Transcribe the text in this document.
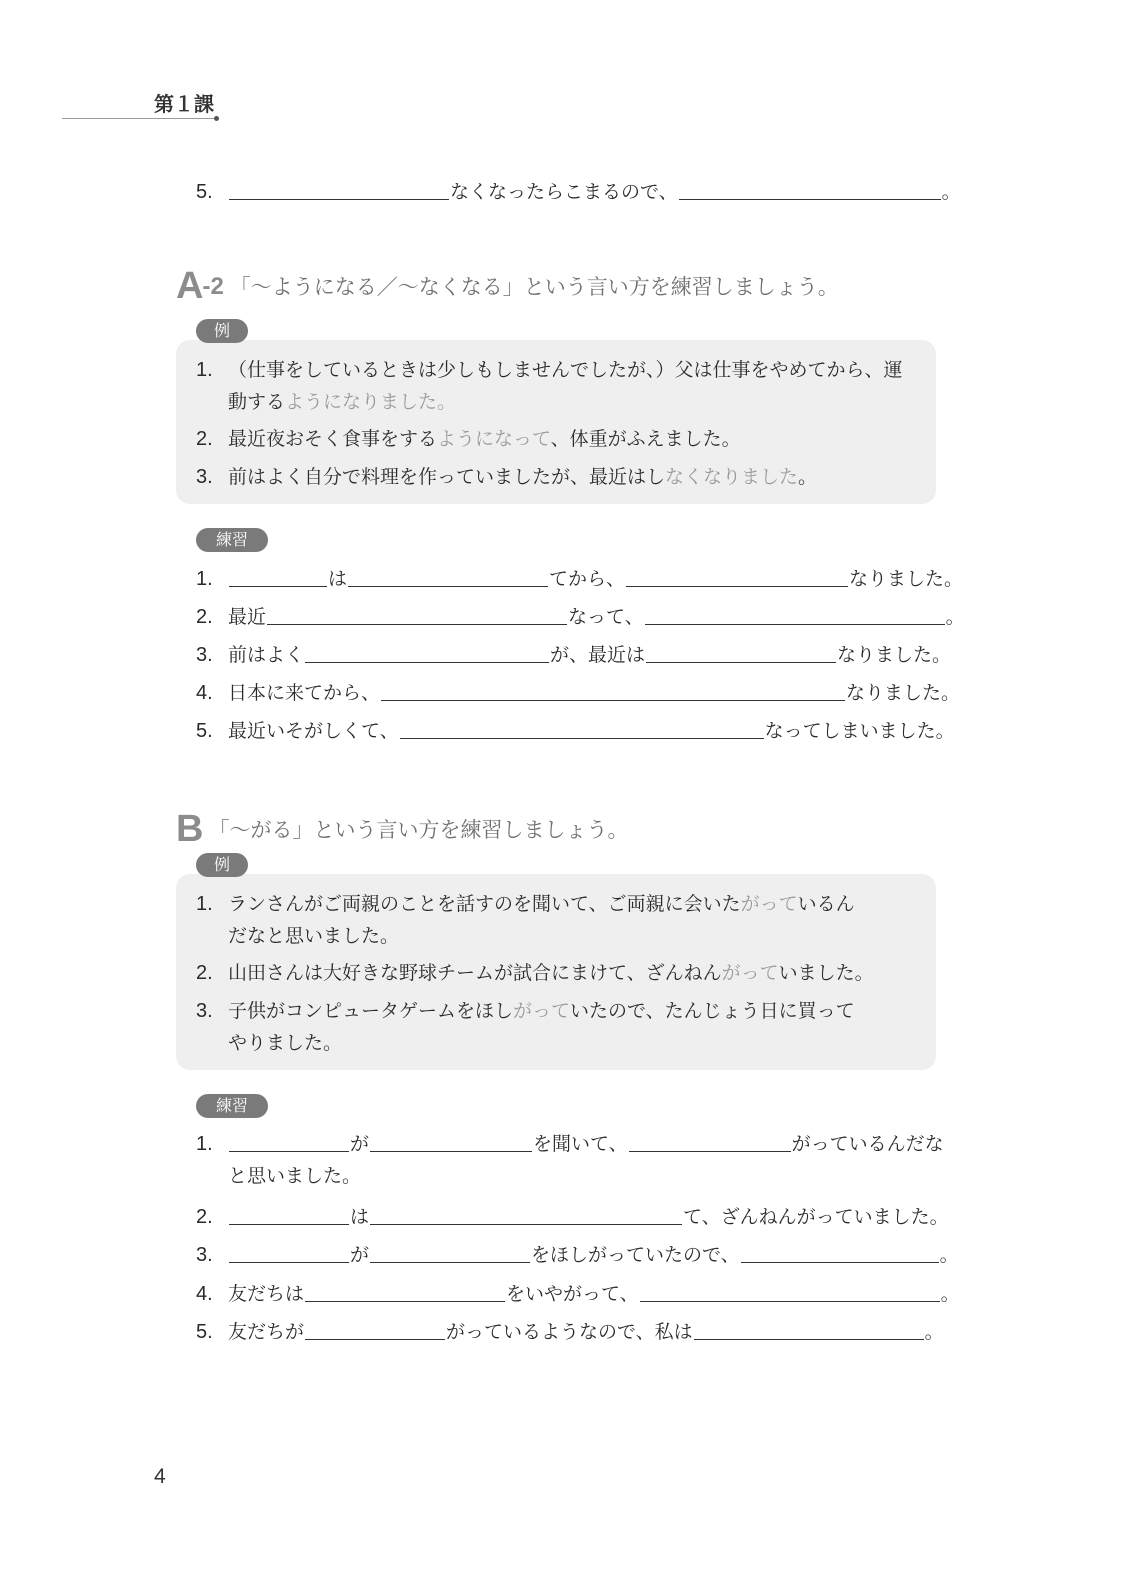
第１課
5.	なくなったらこまるので、	。
A-2 「～ようになる／～なくなる」という言い方を練習しましょう。
例
1. （仕事をしているときは少しもしませんでしたが、）父は仕事をやめてから、運
動するようになりました。
2. 最近夜おそく食事をするようになって、体重がふえました。
3. 前はよく自分で料理を作っていましたが、最近はしなくなりました。
練習
1.	は	てから、	なりました。
2. 最近	なって、	。
3. 前はよく	が、最近は	なりました。
4. 日本に来てから、	なりました。
5. 最近いそがしくて、	なってしまいました。
B 「～がる」という言い方を練習しましょう。
例
1. ランさんがご両親のことを話すのを聞いて、ご両親に会いたがっているん
だなと思いました。
2. 山田さんは大好きな野球チームが試合にまけて、ざんねんがっていました。
3. 子供がコンピュータゲームをほしがっていたので、たんじょう日に買って
やりました。
練習
1.	が	を聞いて、	がっているんだな
と思いました。
2.	は	て、ざんねんがっていました。
3.	が	をほしがっていたので、	。
4. 友だちは	をいやがって、	。
5. 友だちが	がっているようなので、私は	。
4
